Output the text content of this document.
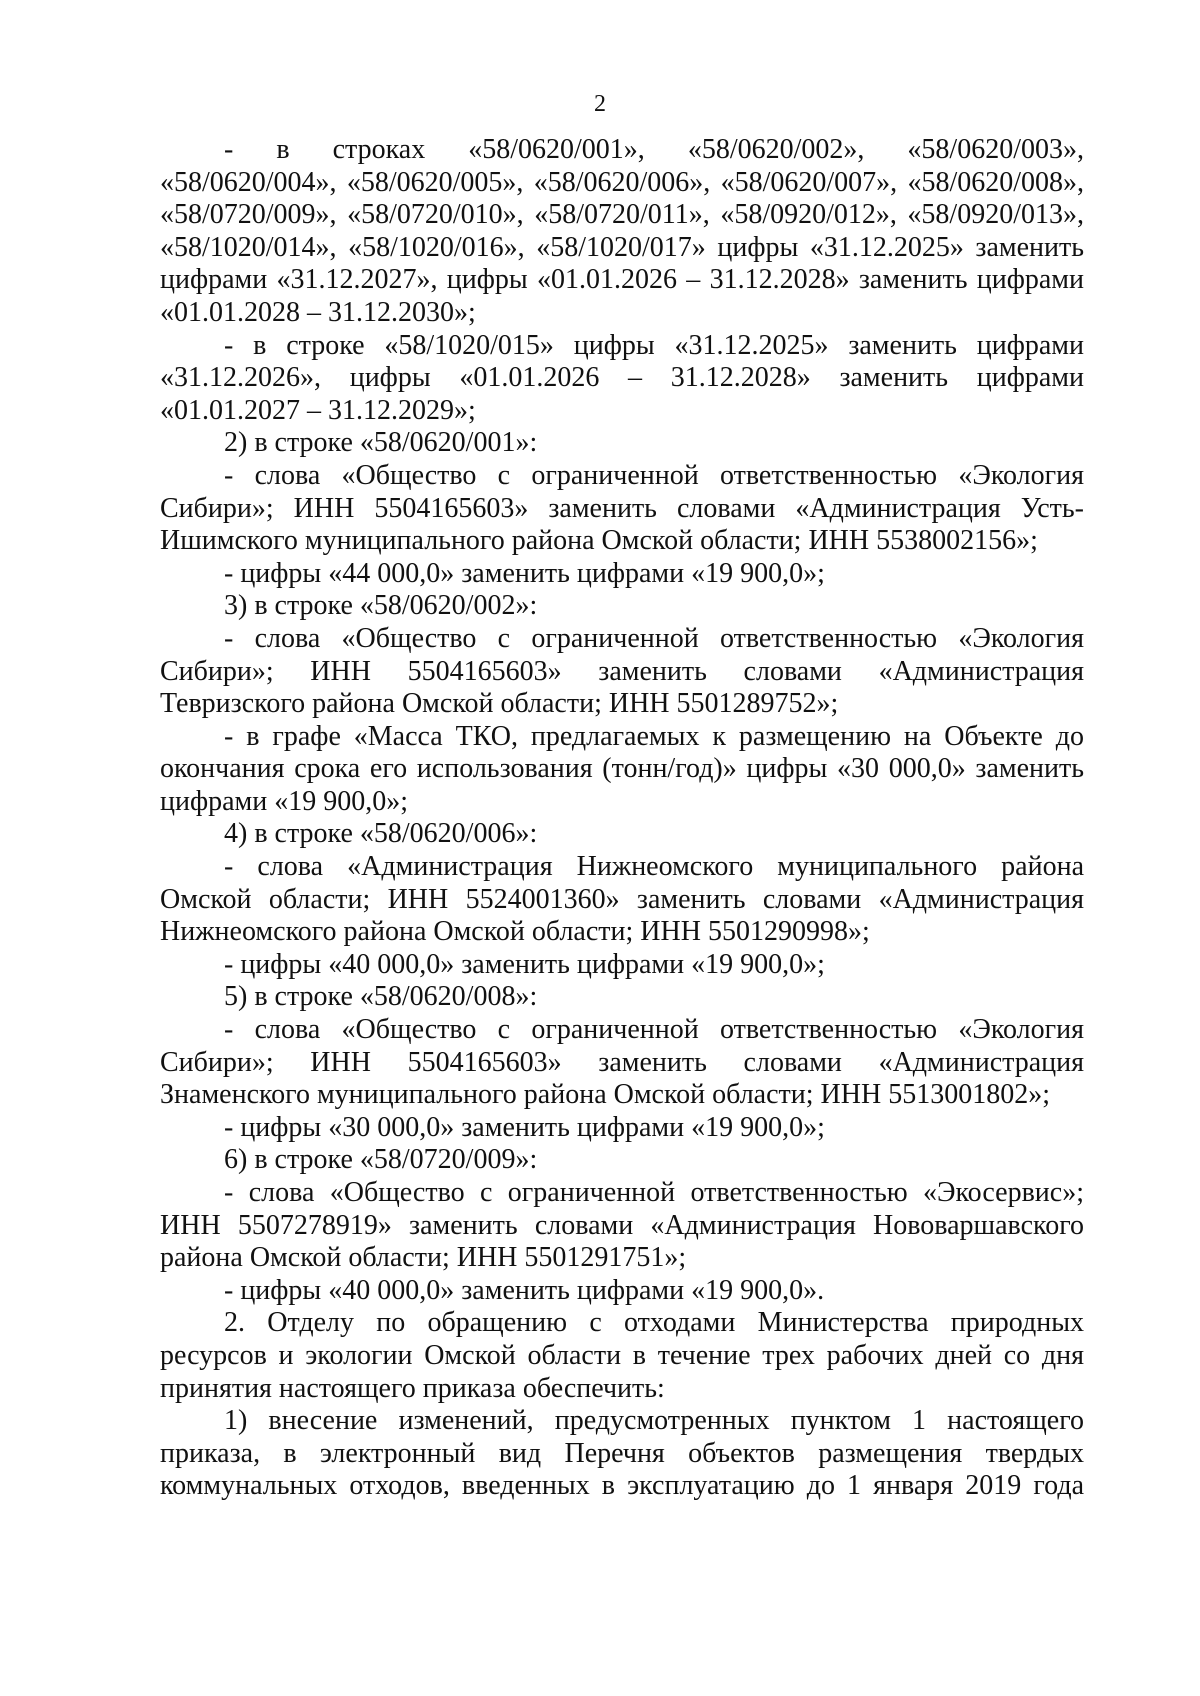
2

- в строках «58/0620/001», «58/0620/002», «58/0620/003», «58/0620/004», «58/0620/005», «58/0620/006», «58/0620/007», «58/0620/008», «58/0720/009», «58/0720/010», «58/0720/011», «58/0920/012», «58/0920/013», «58/1020/014», «58/1020/016», «58/1020/017» цифры «31.12.2025» заменить цифрами «31.12.2027», цифры «01.01.2026 – 31.12.2028» заменить цифрами «01.01.2028 – 31.12.2030»;

- в строке «58/1020/015» цифры «31.12.2025» заменить цифрами «31.12.2026», цифры «01.01.2026 – 31.12.2028» заменить цифрами «01.01.2027 – 31.12.2029»;

2) в строке «58/0620/001»:

- слова «Общество с ограниченной ответственностью «Экология Сибири»; ИНН 5504165603» заменить словами «Администрация Усть-Ишимского муниципального района Омской области; ИНН 5538002156»;

- цифры «44 000,0» заменить цифрами «19 900,0»;

3) в строке «58/0620/002»:

- слова «Общество с ограниченной ответственностью «Экология Сибири»; ИНН 5504165603» заменить словами «Администрация Тевризского района Омской области; ИНН 5501289752»;

- в графе «Масса ТКО, предлагаемых к размещению на Объекте до окончания срока его использования (тонн/год)» цифры «30 000,0» заменить цифрами «19 900,0»;

4) в строке «58/0620/006»:

- слова «Администрация Нижнеомского муниципального района Омской области; ИНН 5524001360» заменить словами «Администрация Нижнеомского района Омской области; ИНН 5501290998»;

- цифры «40 000,0» заменить цифрами «19 900,0»;

5) в строке «58/0620/008»:

- слова «Общество с ограниченной ответственностью «Экология Сибири»; ИНН 5504165603» заменить словами «Администрация Знаменского муниципального района Омской области; ИНН 5513001802»;

- цифры «30 000,0» заменить цифрами «19 900,0»;

6) в строке «58/0720/009»:

- слова «Общество с ограниченной ответственностью «Экосервис»; ИНН 5507278919» заменить словами «Администрация Нововаршавского района Омской области; ИНН 5501291751»;

- цифры «40 000,0» заменить цифрами «19 900,0».

2. Отделу по обращению с отходами Министерства природных ресурсов и экологии Омской области в течение трех рабочих дней со дня принятия настоящего приказа обеспечить:

1) внесение изменений, предусмотренных пунктом 1 настоящего приказа, в электронный вид Перечня объектов размещения твердых коммунальных отходов, введенных в эксплуатацию до 1 января 2019 года
